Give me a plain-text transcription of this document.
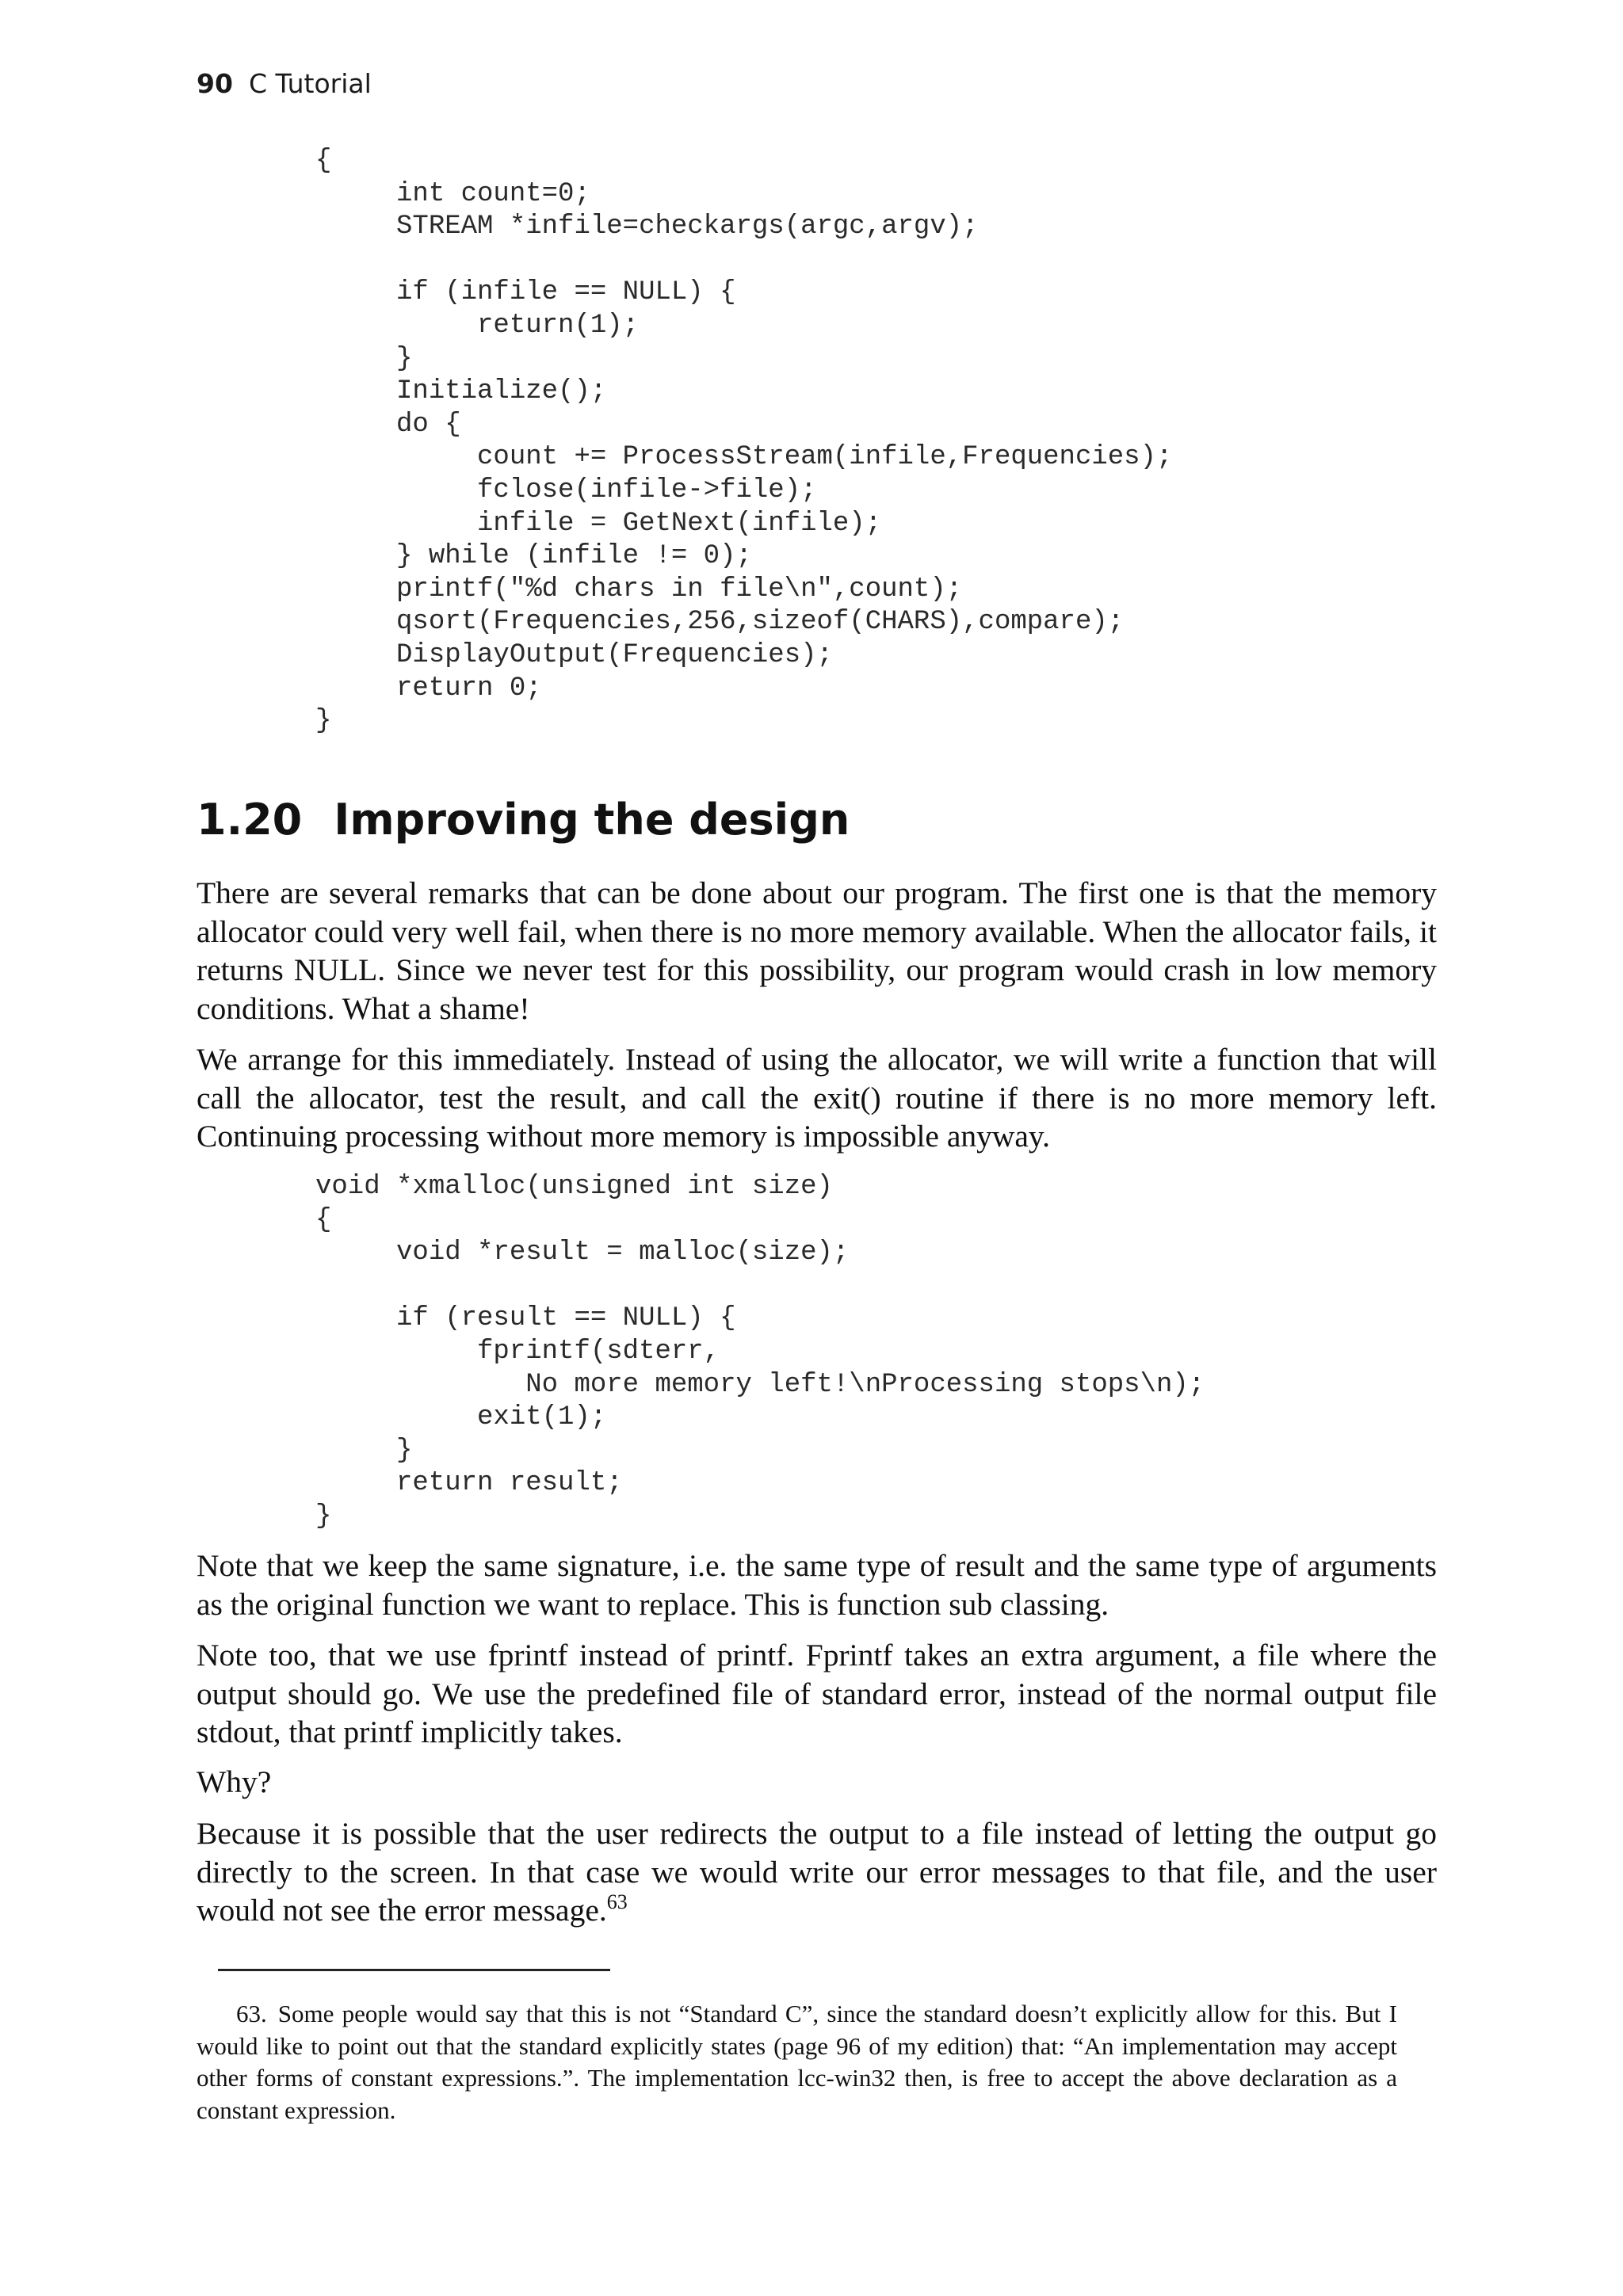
90 C Tutorial
{
int count=0;
STREAM *infile=checkargs(argc,argv);

if (infile == NULL) {
return(1);
}
Initialize();
do {
count += ProcessStream(infile,Frequencies);
fclose(infile->file);
infile = GetNext(infile);
} while (infile != 0);
printf("%d chars in file\n",count);
qsort(Frequencies,256,sizeof(CHARS),compare);
DisplayOutput(Frequencies);
return 0;
}
1.20 Improving the design

There are several remarks that can be done about our program. The first one is that the memory allocator could very well fail, when there is no more memory available. When the allocator fails, it returns NULL. Since we never test for this possibility, our program would crash in low memory conditions. What a shame!

We arrange for this immediately. Instead of using the allocator, we will write a function that will call the allocator, test the result, and call the exit() routine if there is no more memory left. Continuing processing without more memory is impossible anyway.

void *xmalloc(unsigned int size)
{
void *result = malloc(size);

if (result == NULL) {
fprintf(sdterr,
No more memory left!\nProcessing stops\n);
exit(1);
}
return result;
}

Note that we keep the same signature, i.e. the same type of result and the same type of arguments as the original function we want to replace. This is function sub classing.

Note too, that we use fprintf instead of printf. Fprintf takes an extra argument, a file where the output should go. We use the predefined file of standard error, instead of the normal output file stdout, that printf implicitly takes.

Why?

Because it is possible that the user redirects the output to a file instead of letting the output go directly to the screen. In that case we would write our error messages to that file, and the user would not see the error message.$^{63}$

63. Some people would say that this is not “Standard C”, since the standard doesn’t explicitly allow for this. But I would like to point out that the standard explicitly states (page 96 of my edition) that: “An implementation may accept other forms of constant expressions.”. The implementation lcc-win32 then, is free to accept the above declaration as a constant expression.
